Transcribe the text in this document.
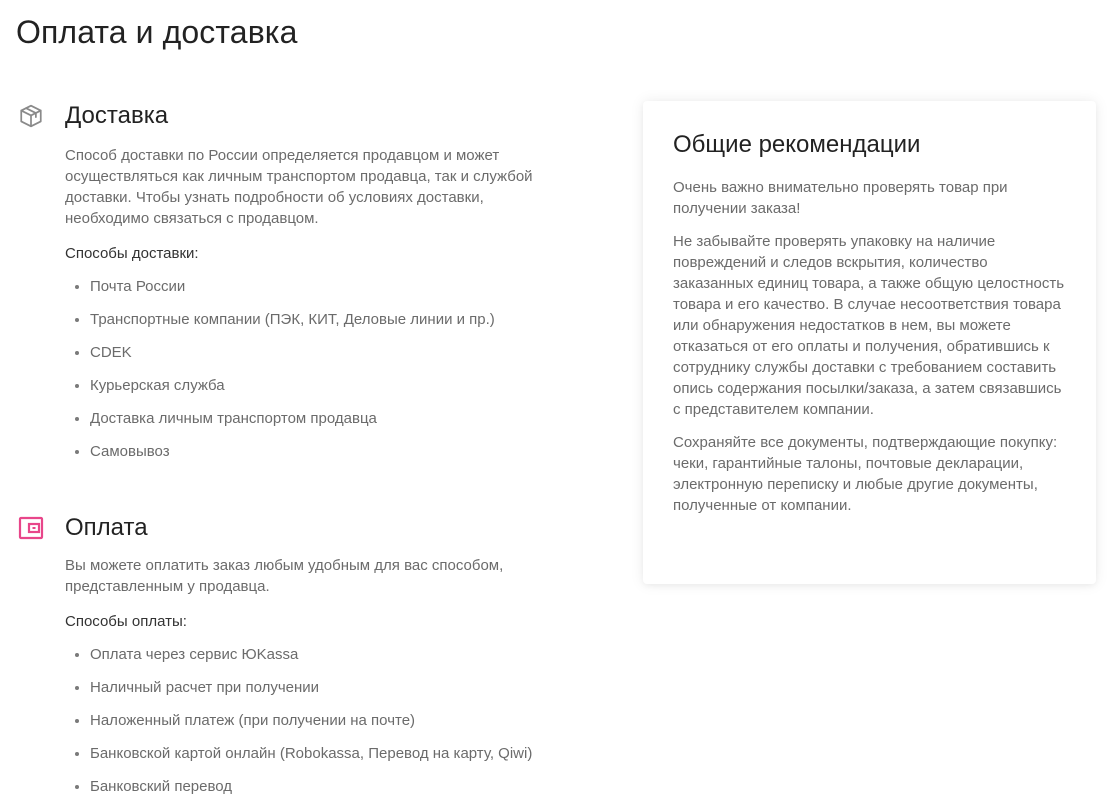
Оплата и доставка
Доставка

Способ доставки по России определяется продавцом и может осуществляться как личным транспортом продавца, так и службой доставки. Чтобы узнать подробности об условиях доставки, необходимо связаться с продавцом.

Способы доставки:

Почта России
Транспортные компании (ПЭК, КИТ, Деловые линии и пр.)
CDEK
Курьерская служба
Доставка личным транспортом продавца
Самовывоз
Оплата

Вы можете оплатить заказ любым удобным для вас способом, представленным у продавца.

Способы оплаты:

Оплата через сервис ЮKassa
Наличный расчет при получении
Наложенный платеж (при получении на почте)
Банковской картой онлайн (Robokassa, Перевод на карту, Qiwi)
Банковский перевод
Общие рекомендации

Очень важно внимательно проверять товар при получении заказа!

Не забывайте проверять упаковку на наличие повреждений и следов вскрытия, количество заказанных единиц товара, а также общую целостность товара и его качество. В случае несоответствия товара или обнаружения недостатков в нем, вы можете отказаться от его оплаты и получения, обратившись к сотруднику службы доставки с требованием составить опись содержания посылки/заказа, а затем связавшись с представителем компании.

Сохраняйте все документы, подтверждающие покупку: чеки, гарантийные талоны, почтовые декларации, электронную переписку и любые другие документы, полученные от компании.
